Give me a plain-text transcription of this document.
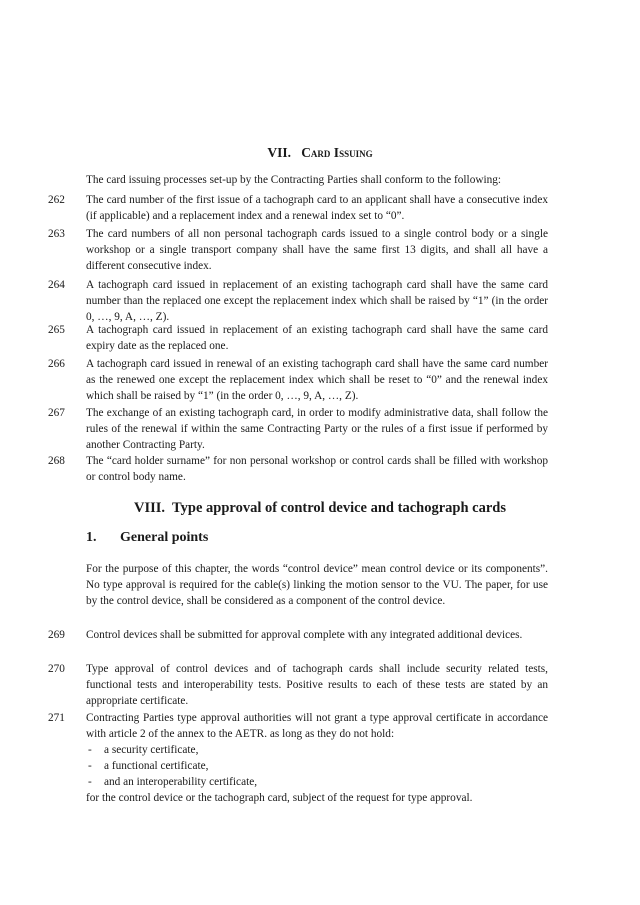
VII. Card Issuing
The card issuing processes set-up by the Contracting Parties shall conform to the following:
262 The card number of the first issue of a tachograph card to an applicant shall have a consecutive index (if applicable) and a replacement index and a renewal index set to “0”.
263 The card numbers of all non personal tachograph cards issued to a single control body or a single workshop or a single transport company shall have the same first 13 digits, and shall all have a different consecutive index.
264 A tachograph card issued in replacement of an existing tachograph card shall have the same card number than the replaced one except the replacement index which shall be raised by “1” (in the order 0, …, 9, A, …, Z).
265 A tachograph card issued in replacement of an existing tachograph card shall have the same card expiry date as the replaced one.
266 A tachograph card issued in renewal of an existing tachograph card shall have the same card number as the renewed one except the replacement index which shall be reset to “0” and the renewal index which shall be raised by “1” (in the order 0, …, 9, A, …, Z).
267 The exchange of an existing tachograph card, in order to modify administrative data, shall follow the rules of the renewal if within the same Contracting Party or the rules of a first issue if performed by another Contracting Party.
268 The “card holder surname” for non personal workshop or control cards shall be filled with workshop or control body name.
VIII. Type approval of control device and tachograph cards
1. General points
For the purpose of this chapter, the words “control device” mean control device or its components”. No type approval is required for the cable(s) linking the motion sensor to the VU. The paper, for use by the control device, shall be considered as a component of the control device.
269 Control devices shall be submitted for approval complete with any integrated additional devices.
270 Type approval of control devices and of tachograph cards shall include security related tests, functional tests and interoperability tests. Positive results to each of these tests are stated by an appropriate certificate.
271 Contracting Parties type approval authorities will not grant a type approval certificate in accordance with article 2 of the annex to the AETR. as long as they do not hold:
- a security certificate,
- a functional certificate,
- and an interoperability certificate,
for the control device or the tachograph card, subject of the request for type approval.
